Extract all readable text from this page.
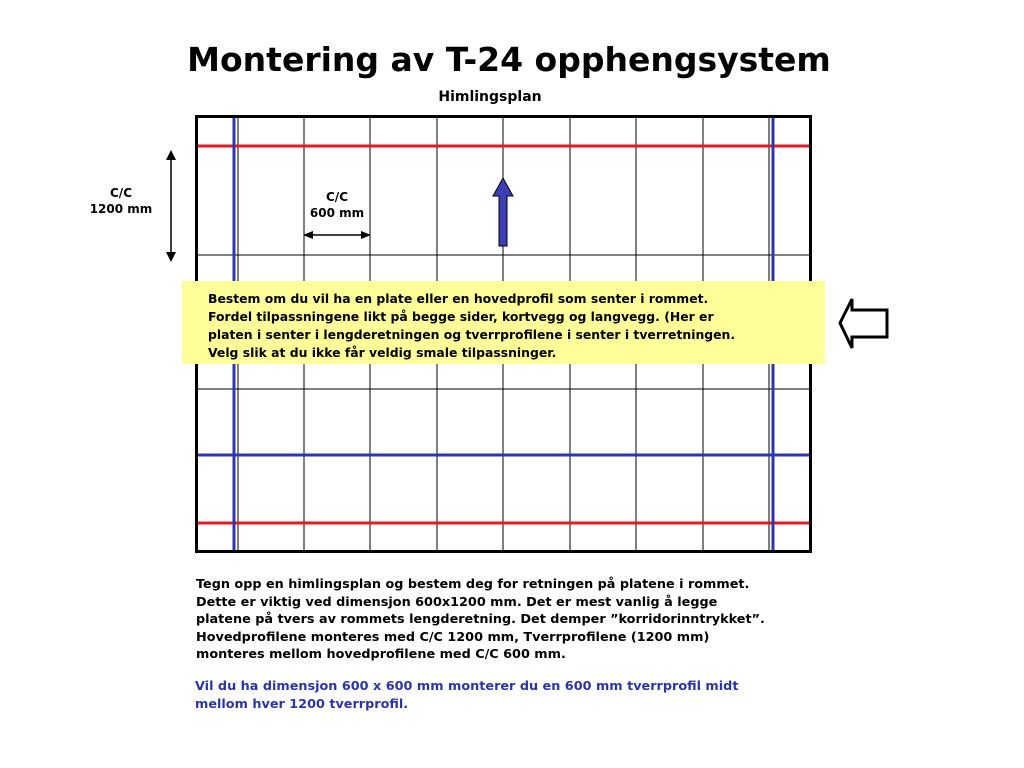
Montering av T-24 opphengsystem
Himlingsplan
C/C
1200 mm
C/C
600 mm
Bestem om du vil ha en plate eller en hovedprofil som senter i rommet.
Fordel tilpassningene likt på begge sider, kortvegg og langvegg. (Her er
platen i senter i lengderetningen og tverrprofilene i senter i tverretningen.
Velg slik at du ikke får veldig smale tilpassninger.
Tegn opp en himlingsplan og bestem deg for retningen på platene i rommet.
Dette er viktig ved dimensjon 600x1200 mm. Det er mest vanlig å legge
platene på tvers av rommets lengderetning. Det demper ”korridorinntrykket”.
Hovedprofilene monteres med C/C 1200 mm, Tverrprofilene (1200 mm)
monteres mellom hovedprofilene med C/C 600 mm.
Vil du ha dimensjon 600 x 600 mm monterer du en 600 mm tverrprofil midt
mellom hver 1200 tverrprofil.
